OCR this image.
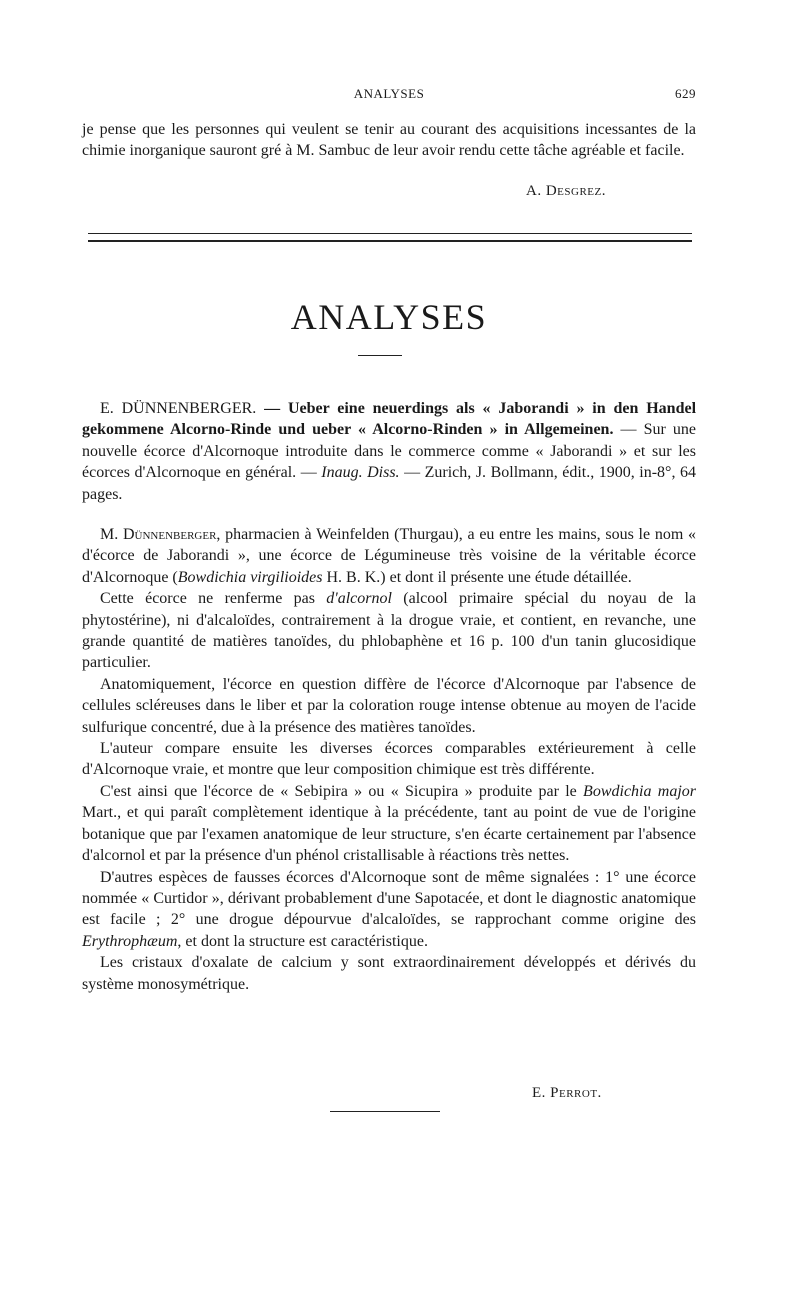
ANALYSES	629

je pense que les personnes qui veulent se tenir au courant des acquisitions incessantes de la chimie inorganique sauront gré à M. Sambuc de leur avoir rendu cette tâche agréable et facile.

A. Desgrez.
ANALYSES

E. DÜNNENBERGER. — Ueber eine neuerdings als « Jaborandi » in den Handel gekommene Alcorno-Rinde und ueber « Alcorno-Rinden » in Allgemeinen. — Sur une nouvelle écorce d'Alcornoque introduite dans le commerce comme « Jaborandi » et sur les écorces d'Alcornoque en général. — Inaug. Diss. — Zurich, J. Bollmann, édit., 1900, in-8°, 64 pages.

M. Dünnenberger, pharmacien à Weinfelden (Thurgau), a eu entre les mains, sous le nom « d'écorce de Jaborandi », une écorce de Légumineuse très voisine de la véritable écorce d'Alcornoque (Bowdichia virgilioides H. B. K.) et dont il présente une étude détaillée.

Cette écorce ne renferme pas d'alcornol (alcool primaire spécial du noyau de la phytostérine), ni d'alcaloïdes, contrairement à la drogue vraie, et contient, en revanche, une grande quantité de matières tanoïdes, du phlobaphène et 16 p. 100 d'un tanin glucosidique particulier.

Anatomiquement, l'écorce en question diffère de l'écorce d'Alcornoque par l'absence de cellules scléreuses dans le liber et par la coloration rouge intense obtenue au moyen de l'acide sulfurique concentré, due à la présence des matières tanoïdes.

L'auteur compare ensuite les diverses écorces comparables extérieurement à celle d'Alcornoque vraie, et montre que leur composition chimique est très différente.

C'est ainsi que l'écorce de « Sebipira » ou « Sicupira » produite par le Bowdichia major Mart., et qui paraît complètement identique à la précédente, tant au point de vue de l'origine botanique que par l'examen anatomique de leur structure, s'en écarte certainement par l'absence d'alcornol et par la présence d'un phénol cristallisable à réactions très nettes.

D'autres espèces de fausses écorces d'Alcornoque sont de même signalées : 1° une écorce nommée « Curtidor », dérivant probablement d'une Sapotacée, et dont le diagnostic anatomique est facile ; 2° une drogue dépourvue d'alcaloïdes, se rapprochant comme origine des Erythrophæum, et dont la structure est caractéristique.

Les cristaux d'oxalate de calcium y sont extraordinairement développés et dérivés du système monosymétrique.

E. Perrot.
